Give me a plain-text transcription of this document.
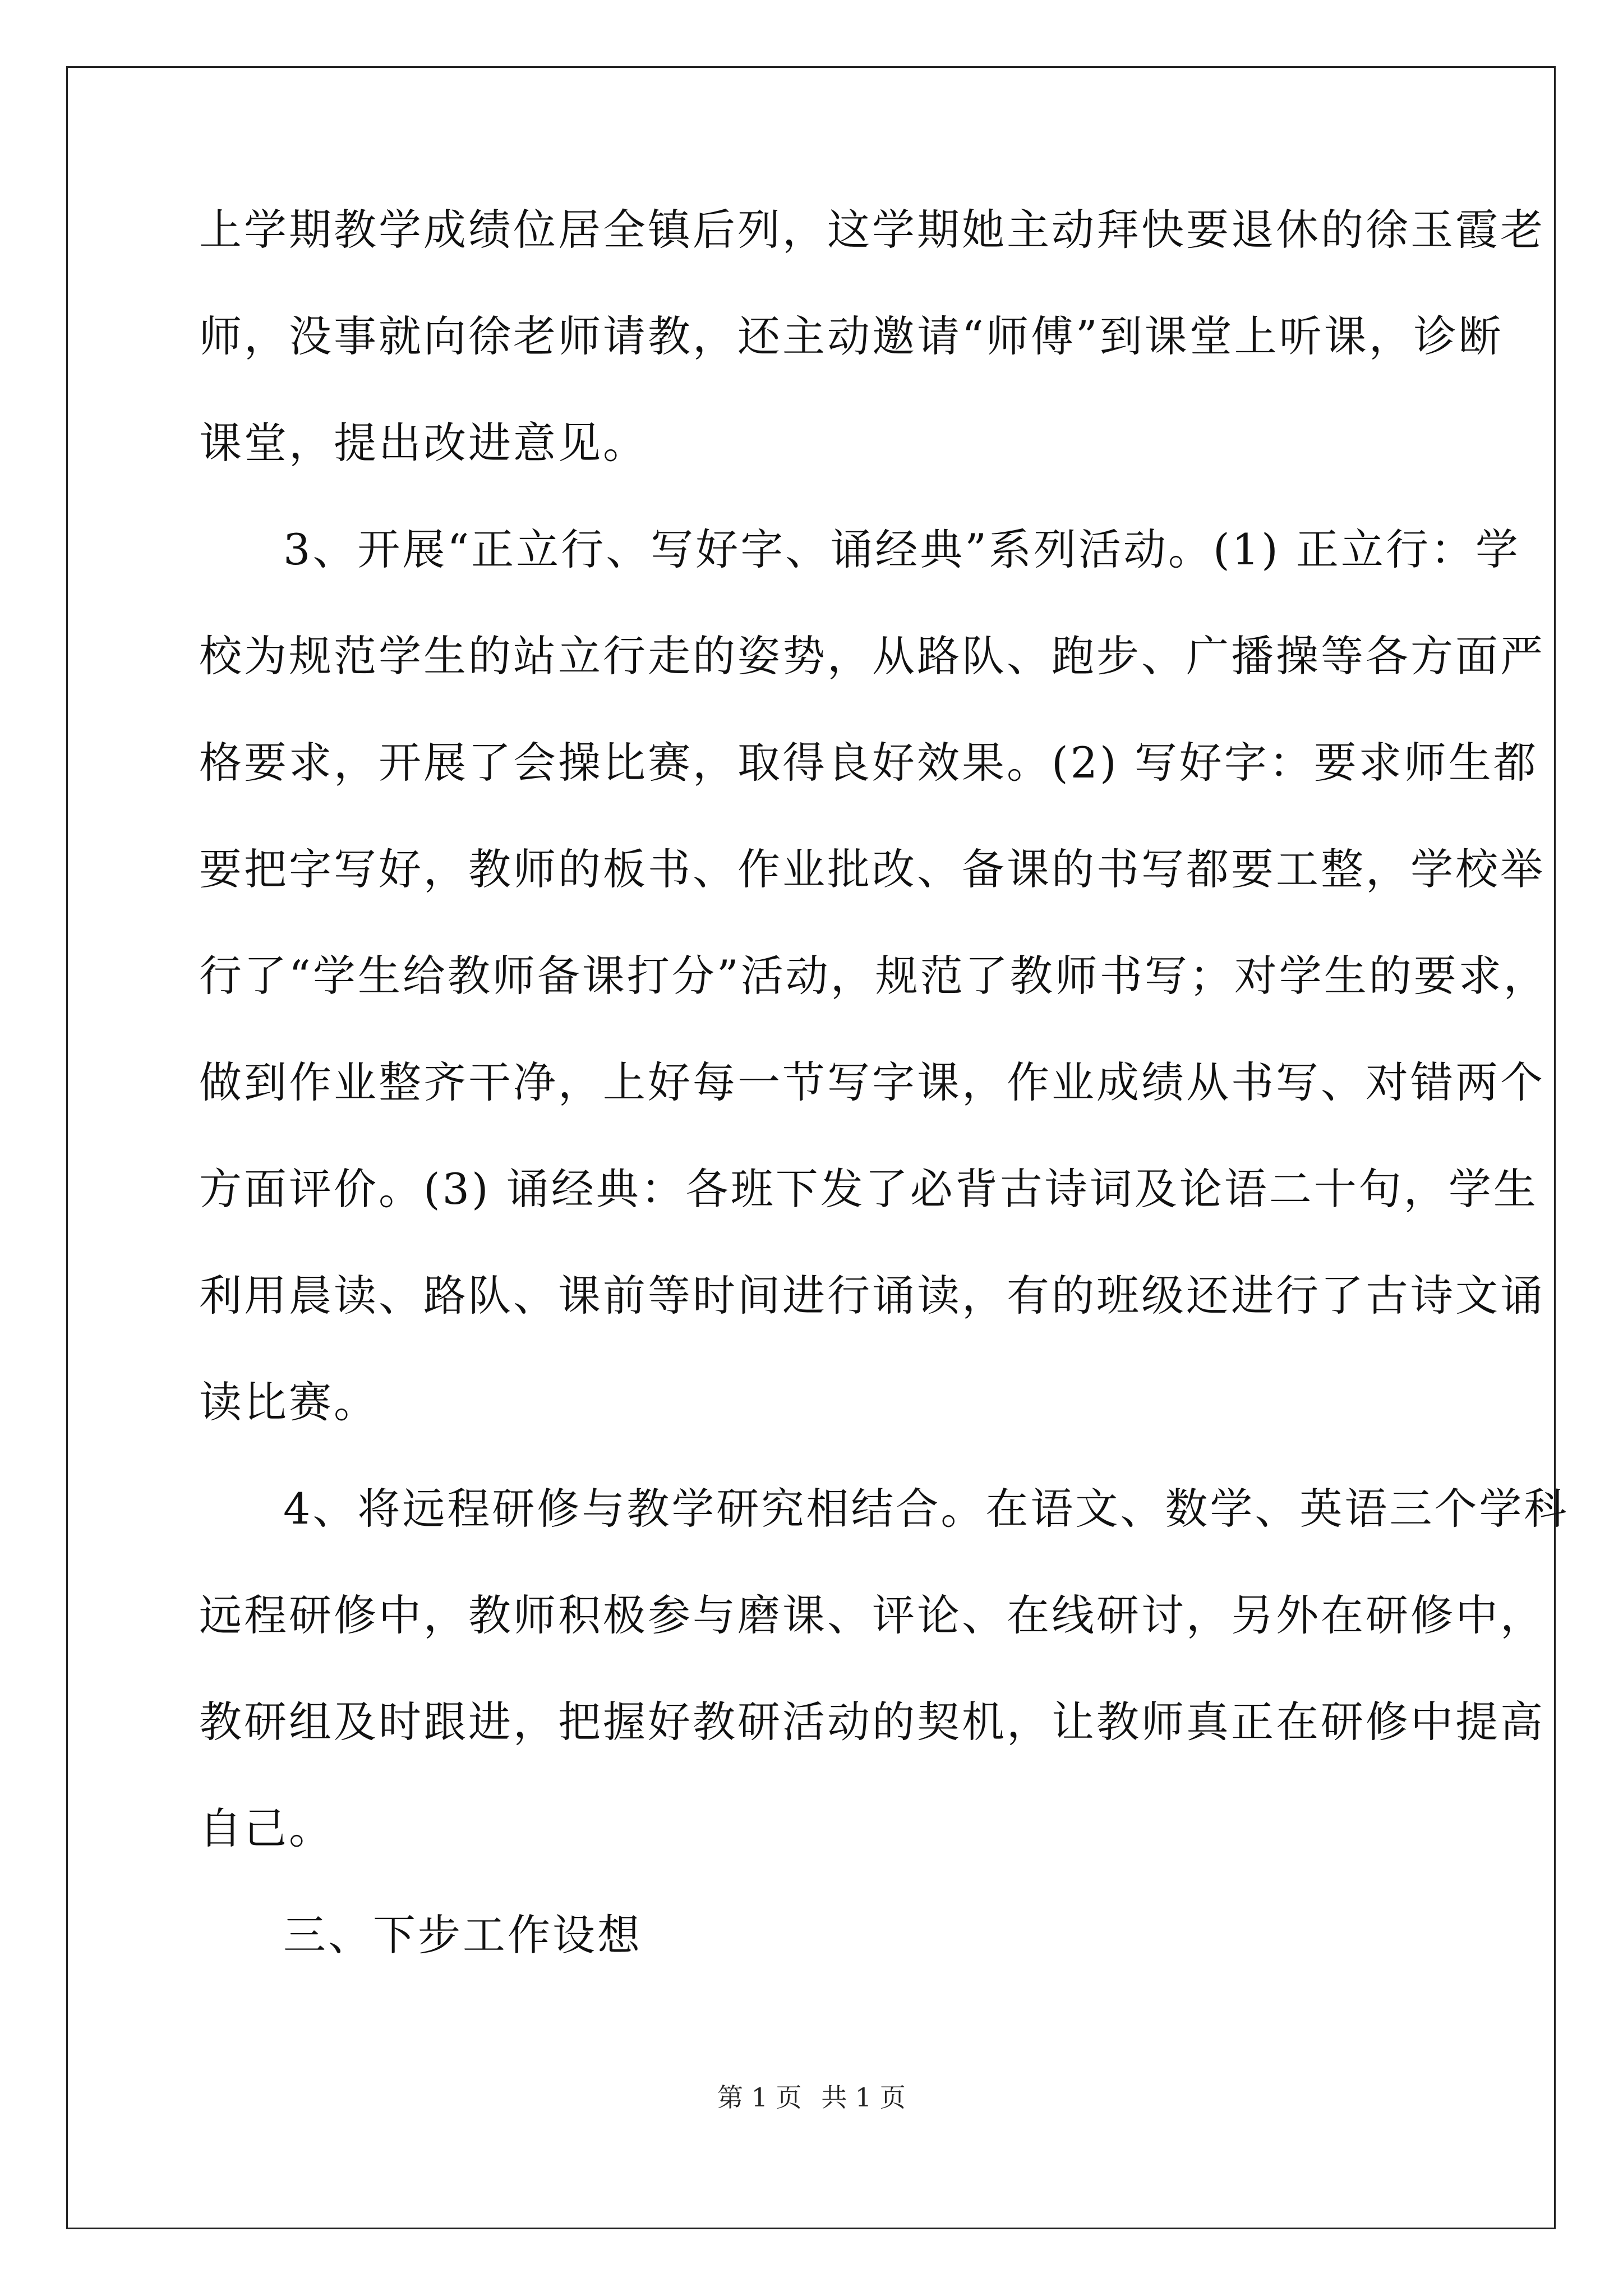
上学期教学成绩位居全镇后列，这学期她主动拜快要退休的徐玉霞老
师，没事就向徐老师请教，还主动邀请“师傅”到课堂上听课，诊断
课堂，提出改进意见。
3、开展“正立行、写好字、诵经典”系列活动。(1) 正立行：学
校为规范学生的站立行走的姿势，从路队、跑步、广播操等各方面严
格要求，开展了会操比赛，取得良好效果。(2) 写好字：要求师生都
要把字写好，教师的板书、作业批改、备课的书写都要工整，学校举
行了“学生给教师备课打分”活动，规范了教师书写；对学生的要求，
做到作业整齐干净，上好每一节写字课，作业成绩从书写、对错两个
方面评价。(3) 诵经典：各班下发了必背古诗词及论语二十句，学生
利用晨读、路队、课前等时间进行诵读，有的班级还进行了古诗文诵
读比赛。
4、将远程研修与教学研究相结合。在语文、数学、英语三个学科
远程研修中，教师积极参与磨课、评论、在线研讨，另外在研修中，
教研组及时跟进，把握好教研活动的契机，让教师真正在研修中提高
自己。
三、下步工作设想
第 1 页 共 1 页
